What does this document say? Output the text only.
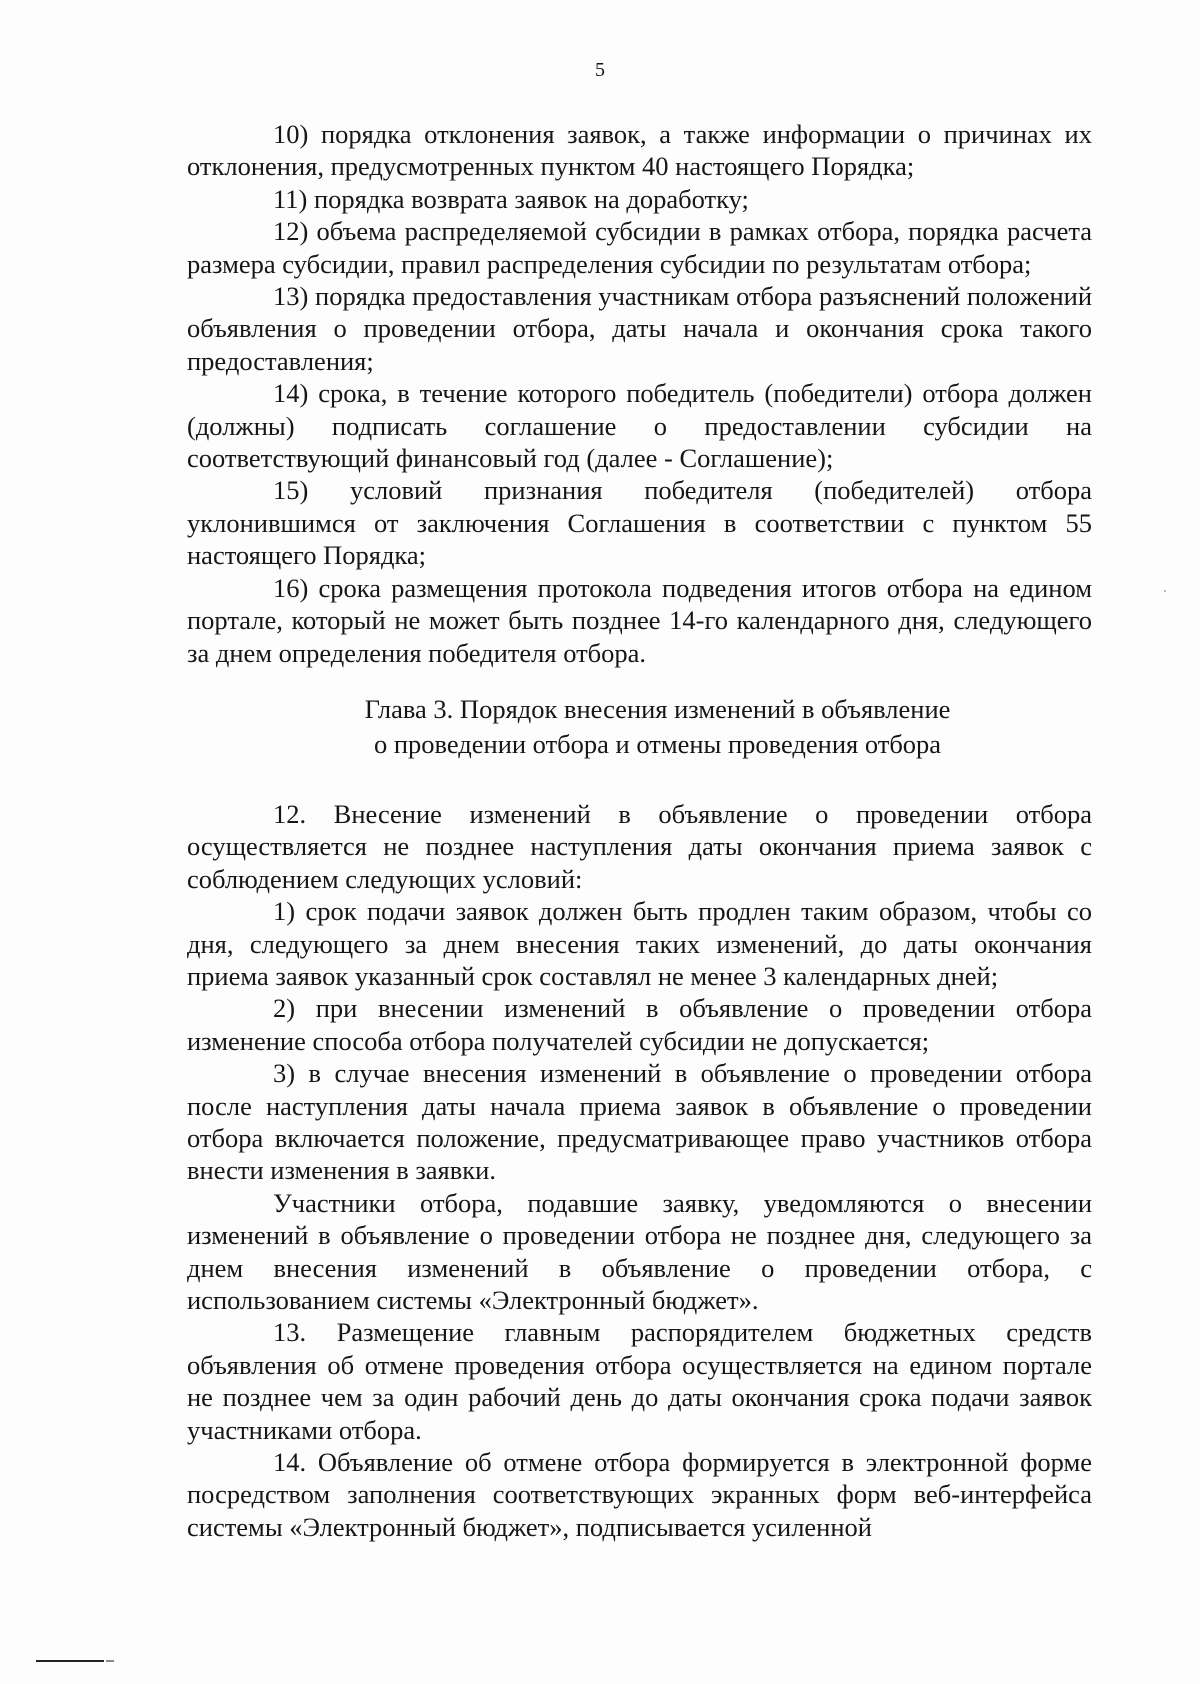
5

10) порядка отклонения заявок, а также информации о причинах их отклонения, предусмотренных пунктом 40 настоящего Порядка;

11) порядка возврата заявок на доработку;

12) объема распределяемой субсидии в рамках отбора, порядка расчета размера субсидии, правил распределения субсидии по результатам отбора;

13) порядка предоставления участникам отбора разъяснений положений объявления о проведении отбора, даты начала и окончания срока такого предоставления;

14) срока, в течение которого победитель (победители) отбора должен (должны) подписать соглашение о предоставлении субсидии на соответствующий финансовый год (далее - Соглашение);

15) условий признания победителя (победителей) отбора уклонившимся от заключения Соглашения в соответствии с пунктом 55 настоящего Порядка;

16) срока размещения протокола подведения итогов отбора на едином портале, который не может быть позднее 14-го календарного дня, следующего за днем определения победителя отбора.

Глава 3. Порядок внесения изменений в объявление
о проведении отбора и отмены проведения отбора

12. Внесение изменений в объявление о проведении отбора осуществляется не позднее наступления даты окончания приема заявок с соблюдением следующих условий:

1) срок подачи заявок должен быть продлен таким образом, чтобы со дня, следующего за днем внесения таких изменений, до даты окончания приема заявок указанный срок составлял не менее 3 календарных дней;

2) при внесении изменений в объявление о проведении отбора изменение способа отбора получателей субсидии не допускается;

3) в случае внесения изменений в объявление о проведении отбора после наступления даты начала приема заявок в объявление о проведении отбора включается положение, предусматривающее право участников отбора внести изменения в заявки.

Участники отбора, подавшие заявку, уведомляются о внесении изменений в объявление о проведении отбора не позднее дня, следующего за днем внесения изменений в объявление о проведении отбора, с использованием системы «Электронный бюджет».

13. Размещение главным распорядителем бюджетных средств объявления об отмене проведения отбора осуществляется на едином портале не позднее чем за один рабочий день до даты окончания срока подачи заявок участниками отбора.

14. Объявление об отмене отбора формируется в электронной форме посредством заполнения соответствующих экранных форм веб-интерфейса системы «Электронный бюджет», подписывается усиленной
